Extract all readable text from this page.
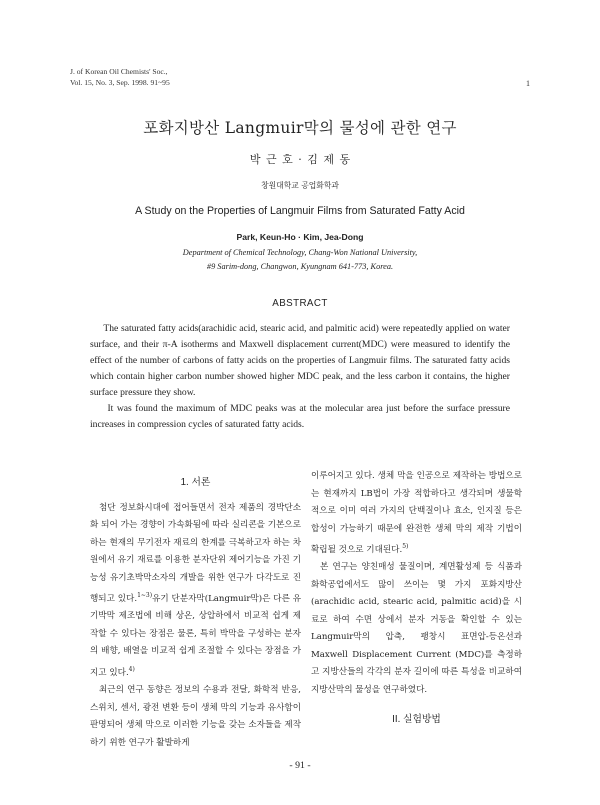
J. of Korean Oil Chemists' Soc.,
Vol. 15, No. 3, Sep. 1998. 91~95	1
포화지방산 Langmuir막의 물성에 관한 연구
박 근 호 · 김 제 동
창원대학교 공업화학과
A Study on the Properties of Langmuir Films from Saturated Fatty Acid
Park, Keun-Ho · Kim, Jea-Dong
Department of Chemical Technology, Chang-Won National University,
#9 Sarim-dong, Changwon, Kyungnam 641-773, Korea.
ABSTRACT

The saturated fatty acids(arachidic acid, stearic acid, and palmitic acid) were repeatedly applied on water surface, and their π-A isotherms and Maxwell displacement current(MDC) were measured to identify the effect of the number of carbons of fatty acids on the properties of Langmuir films. The saturated fatty acids which contain higher carbon number showed higher MDC peak, and the less carbon it contains, the higher surface pressure they show.

It was found the maximum of MDC peaks was at the molecular area just before the surface pressure increases in compression cycles of saturated fatty acids.

1. 서론

첨단 정보화시대에 접어들면서 전자 제품의 경박단소화 되어 가는 경향이 가속화됨에 따라 실리콘을 기본으로 하는 현재의 무기전자 재료의 한계를 극복하고자 하는 차원에서 유기 재료를 이용한 분자단위 제어기능을 가진 기능성 유기초박막소자의 개발을 위한 연구가 다각도로 진행되고 있다.$^{1\sim 3)}$유기 단분자막(Langmuir막)은 다른 유기박막 제조법에 비해 상온, 상압하에서 비교적 쉽게 제작할 수 있다는 장점은 물론, 특히 박막을 구성하는 분자의 배향, 배열을 비교적 쉽게 조절할 수 있다는 장점을 가지고 있다.$^{4)}$

최근의 연구 동향은 정보의 수용과 전달, 화학적 반응, 스위치, 센서, 광전 변환 등이 생체 막의 기능과 유사함이 판명되어 생체 막으로 이러한 기능을 갖는 소자들을 제작하기 위한 연구가 활발하게

이루어지고 있다. 생체 막을 인공으로 제작하는 방법으로는 현재까지 LB법이 가장 적합하다고 생각되며 생물학적으로 이미 여러 가지의 단백질이나 효소, 인지질 등은 합성이 가능하기 때문에 완전한 생체 막의 제작 기법이 확립될 것으로 기대된다.$^{5)}$

본 연구는 양친매성 물질이며, 계면활성제 등 식품과 화학공업에서도 많이 쓰이는 몇 가지 포화지방산(arachidic acid, stearic acid, palmitic acid)을 시료로 하여 수면 상에서 분자 거동을 확인할 수 있는 Langmuir막의 압축, 팽창시 표면압-등온선과 Maxwell Displacement Current (MDC)를 측정하고 지방산들의 각각의 분자 길이에 따른 특성을 비교하여 지방산막의 물성을 연구하였다.

II. 실험방법
- 91 -
